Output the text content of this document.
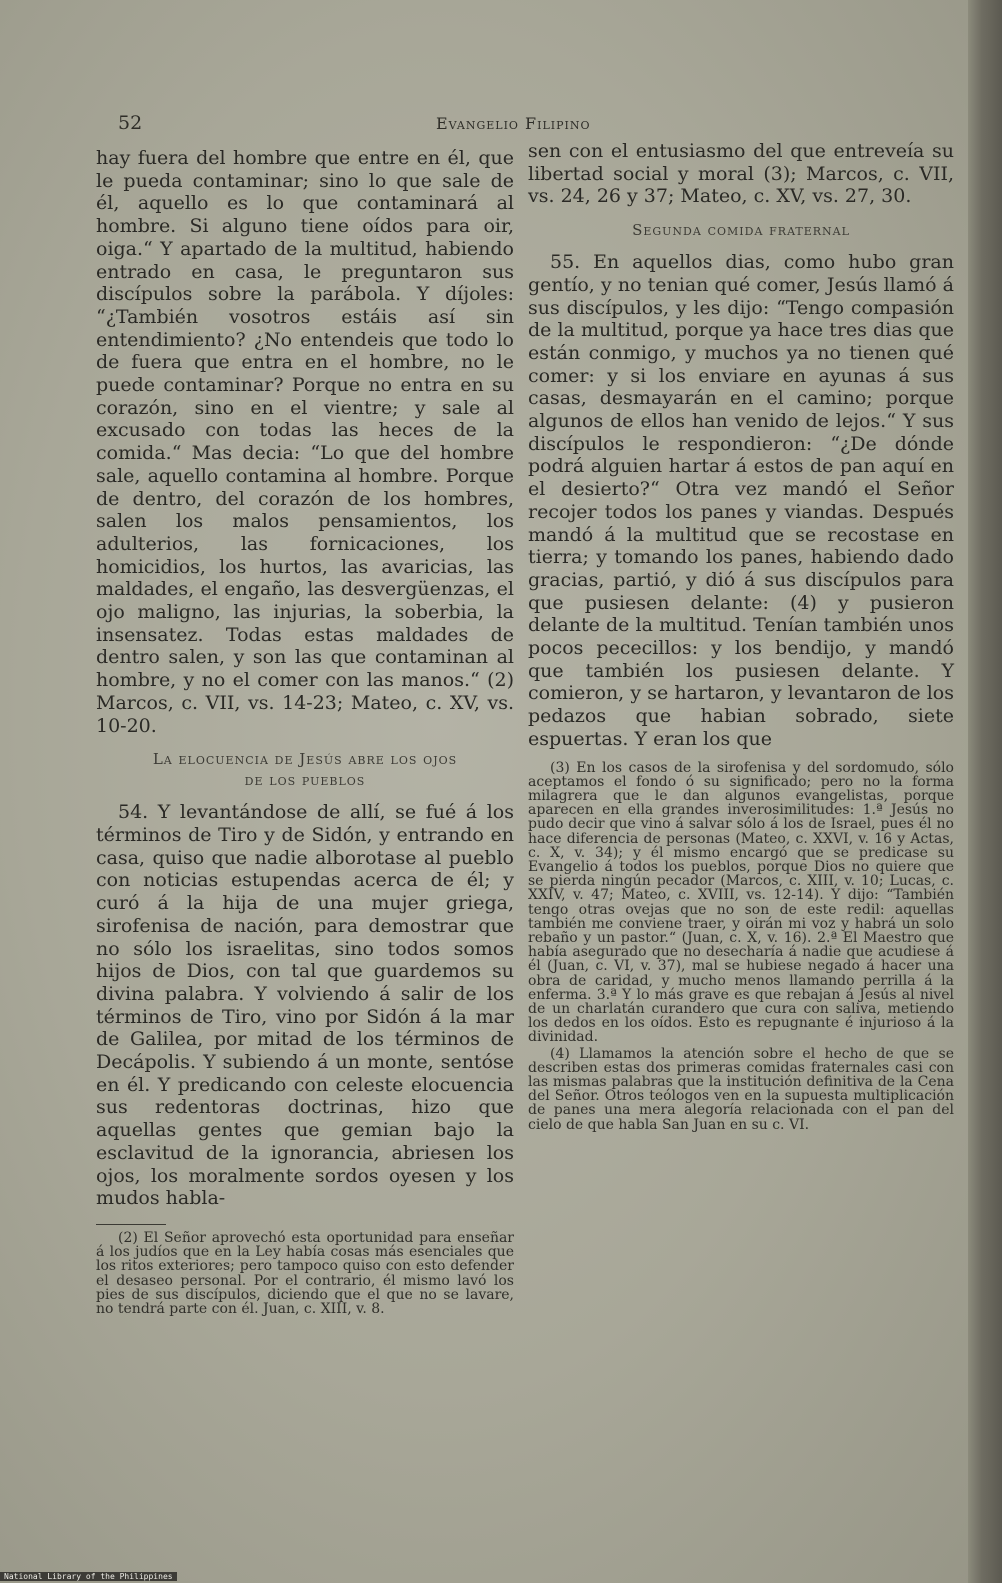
52	Evangelio Filipino

hay fuera del hombre que entre en él, que le pueda contaminar; sino lo que sale de él, aquello es lo que contaminará al hombre. Si alguno tiene oídos para oir, oiga.“ Y apartado de la multitud, habiendo entrado en casa, le preguntaron sus discípulos sobre la parábola. Y díjoles: “¿También vosotros estáis así sin entendimiento? ¿No entendeis que todo lo de fuera que entra en el hombre, no le puede contaminar? Porque no entra en su corazón, sino en el vientre; y sale al excusado con todas las heces de la comida.“ Mas decia: “Lo que del hombre sale, aquello contamina al hombre. Porque de dentro, del corazón de los hombres, salen los malos pensamientos, los adulterios, las fornicaciones, los homicidios, los hurtos, las avaricias, las maldades, el engaño, las desvergüenzas, el ojo maligno, las injurias, la soberbia, la insensatez. Todas estas maldades de dentro salen, y son las que contaminan al hombre, y no el comer con las manos.“ (2) Marcos, c. VII, vs. 14-23; Mateo, c. XV, vs. 10-20.

La elocuencia de Jesús abre los ojos
de los pueblos

54. Y levantándose de allí, se fué á los términos de Tiro y de Sidón, y entrando en casa, quiso que nadie alborotase al pueblo con noticias estupendas acerca de él; y curó á la hija de una mujer griega, sirofenisa de nación, para demostrar que no sólo los israelitas, sino todos somos hijos de Dios, con tal que guardemos su divina palabra. Y volviendo á salir de los términos de Tiro, vino por Sidón á la mar de Galilea, por mitad de los términos de Decápolis. Y subiendo á un monte, sentóse en él. Y predicando con celeste elocuencia sus redentoras doctrinas, hizo que aquellas gentes que gemian bajo la esclavitud de la ignorancia, abriesen los ojos, los moralmente sordos oyesen y los mudos habla-

(2) El Señor aprovechó esta oportunidad para enseñar á los judíos que en la Ley había cosas más esenciales que los ritos exteriores; pero tampoco quiso con esto defender el desaseo personal. Por el contrario, él mismo lavó los pies de sus discípulos, diciendo que el que no se lavare, no tendrá parte con él. Juan, c. XIII, v. 8.

sen con el entusiasmo del que entreveía su libertad social y moral (3); Marcos, c. VII, vs. 24, 26 y 37; Mateo, c. XV, vs. 27, 30.

Segunda comida fraternal

55. En aquellos dias, como hubo gran gentío, y no tenian qué comer, Jesús llamó á sus discípulos, y les dijo: “Tengo compasión de la multitud, porque ya hace tres dias que están conmigo, y muchos ya no tienen qué comer: y si los enviare en ayunas á sus casas, desmayarán en el camino; porque algunos de ellos han venido de lejos.“ Y sus discípulos le respondieron: “¿De dónde podrá alguien hartar á estos de pan aquí en el desierto?“ Otra vez mandó el Señor recojer todos los panes y viandas. Después mandó á la multitud que se recostase en tierra; y tomando los panes, habiendo dado gracias, partió, y dió á sus discípulos para que pusiesen delante: (4) y pusieron delante de la multitud. Tenían también unos pocos pececillos: y los bendijo, y mandó que también los pusiesen delante. Y comieron, y se hartaron, y levantaron de los pedazos que habian sobrado, siete espuertas. Y eran los que

(3) En los casos de la sirofenisa y del sordomudo, sólo aceptamos el fondo ó su significado; pero no la forma milagrera que le dan algunos evangelistas, porque aparecen en ella grandes inverosimilitudes: 1.ª Jesús no pudo decir que vino á salvar sólo á los de Israel, pues él no hace diferencia de personas (Mateo, c. XXVI, v. 16 y Actas, c. X, v. 34); y él mismo encargó que se predicase su Evangelio á todos los pueblos, porque Dios no quiere que se pierda ningún pecador (Marcos, c. XIII, v. 10; Lucas, c. XXIV, v. 47; Mateo, c. XVIII, vs. 12-14). Y dijo: “También tengo otras ovejas que no son de este redil: aquellas también me conviene traer, y oirán mi voz y habrá un solo rebaño y un pastor.“ (Juan, c. X, v. 16). 2.ª El Maestro que había asegurado que no desecharía á nadie que acudiese á él (Juan, c. VI, v. 37), mal se hubiese negado á hacer una obra de caridad, y mucho menos llamando perrilla á la enferma. 3.ª Y lo más grave es que rebajan á Jesús al nivel de un charlatán curandero que cura con saliva, metiendo los dedos en los oídos. Esto es repugnante é injurioso á la divinidad.

(4) Llamamos la atención sobre el hecho de que se describen estas dos primeras comidas fraternales casi con las mismas palabras que la institución definitiva de la Cena del Señor. Otros teólogos ven en la supuesta multiplicación de panes una mera alegoría relacionada con el pan del cielo de que habla San Juan en su c. VI.

National Library of the Philippines
